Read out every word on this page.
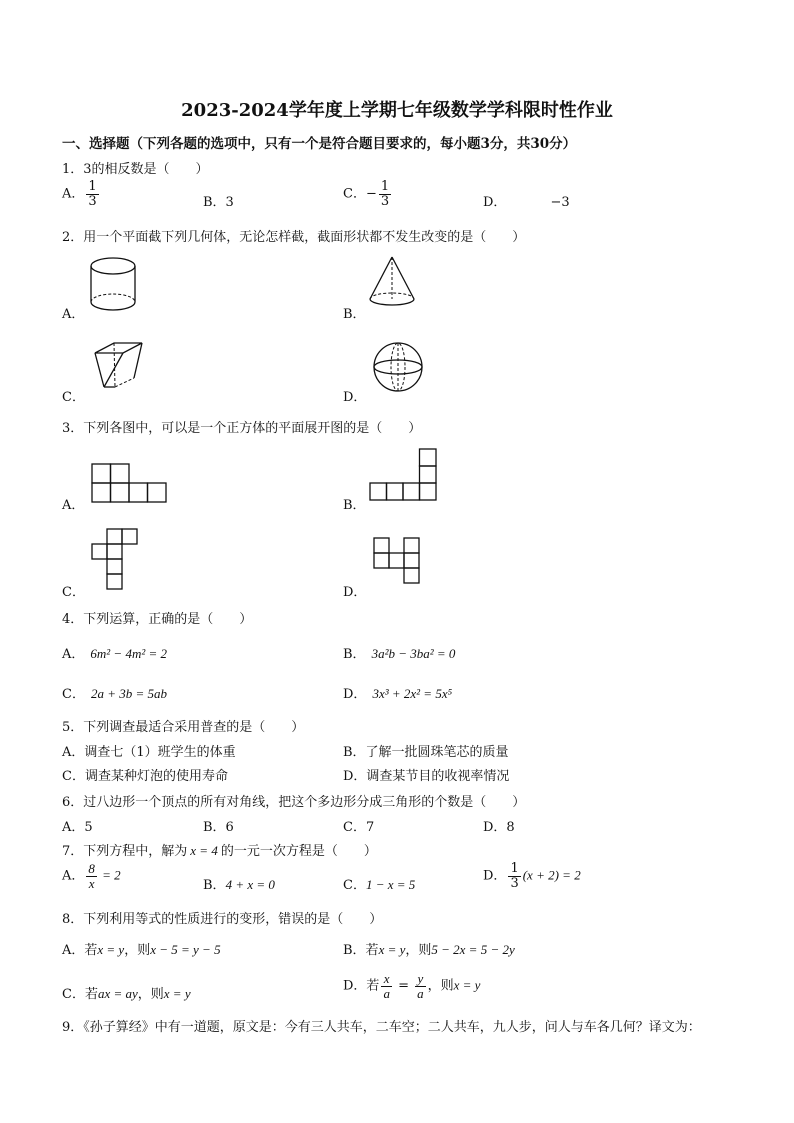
2023-2024学年度上学期七年级数学学科限时性作业
一、选择题（下列各题的选项中，只有一个是符合题目要求的，每小题3分，共30分）
1．3的相反数是（　　）
A． $\frac{1}{3}$	B．3
C．− $\frac{1}{3}$	D．	−3
2．用一个平面截下列几何体，无论怎样截，截面形状都不发生改变的是（　　）
A．	B．
C．	D．
3．下列各图中，可以是一个正方体的平面展开图的是（　　）
A．	B．
C．	D．
4．下列运算，正确的是（　　）
A． 6m² − 4m² = 2	B． 3a²b − 3ba² = 0
C． 2a + 3b = 5ab	D． 3x³ + 2x² = 5x⁵
5．下列调查最适合采用普查的是（　　）
A．调查七（1）班学生的体重	B．了解一批圆珠笔芯的质量
C．调查某种灯泡的使用寿命	D．调查某节目的收视率情况
6．过八边形一个顶点的所有对角线，把这个多边形分成三角形的个数是（　　）
A．5	B．6	C．7	D．8
7．下列方程中，解为 x = 4 的一元一次方程是（　　）
A． $\frac{8}{x} = 2$
B．4 + x = 0	C．1 − x = 5
D． $\frac{1}{3} (x + 2) = 2$
8．下列利用等式的性质进行的变形，错误的是（　　）
A．若x = y，则x − 5 = y − 5	B．若x = y，则5 − 2x = 5 − 2y
C．若ax = ay，则x = y	D．若 $\frac{x}{a} = \frac{y}{a}$ ，则x = y
9．《孙子算经》中有一道题，原文是：今有三人共车，二车空；二人共车，九人步，问人与车各几何？译文为：
